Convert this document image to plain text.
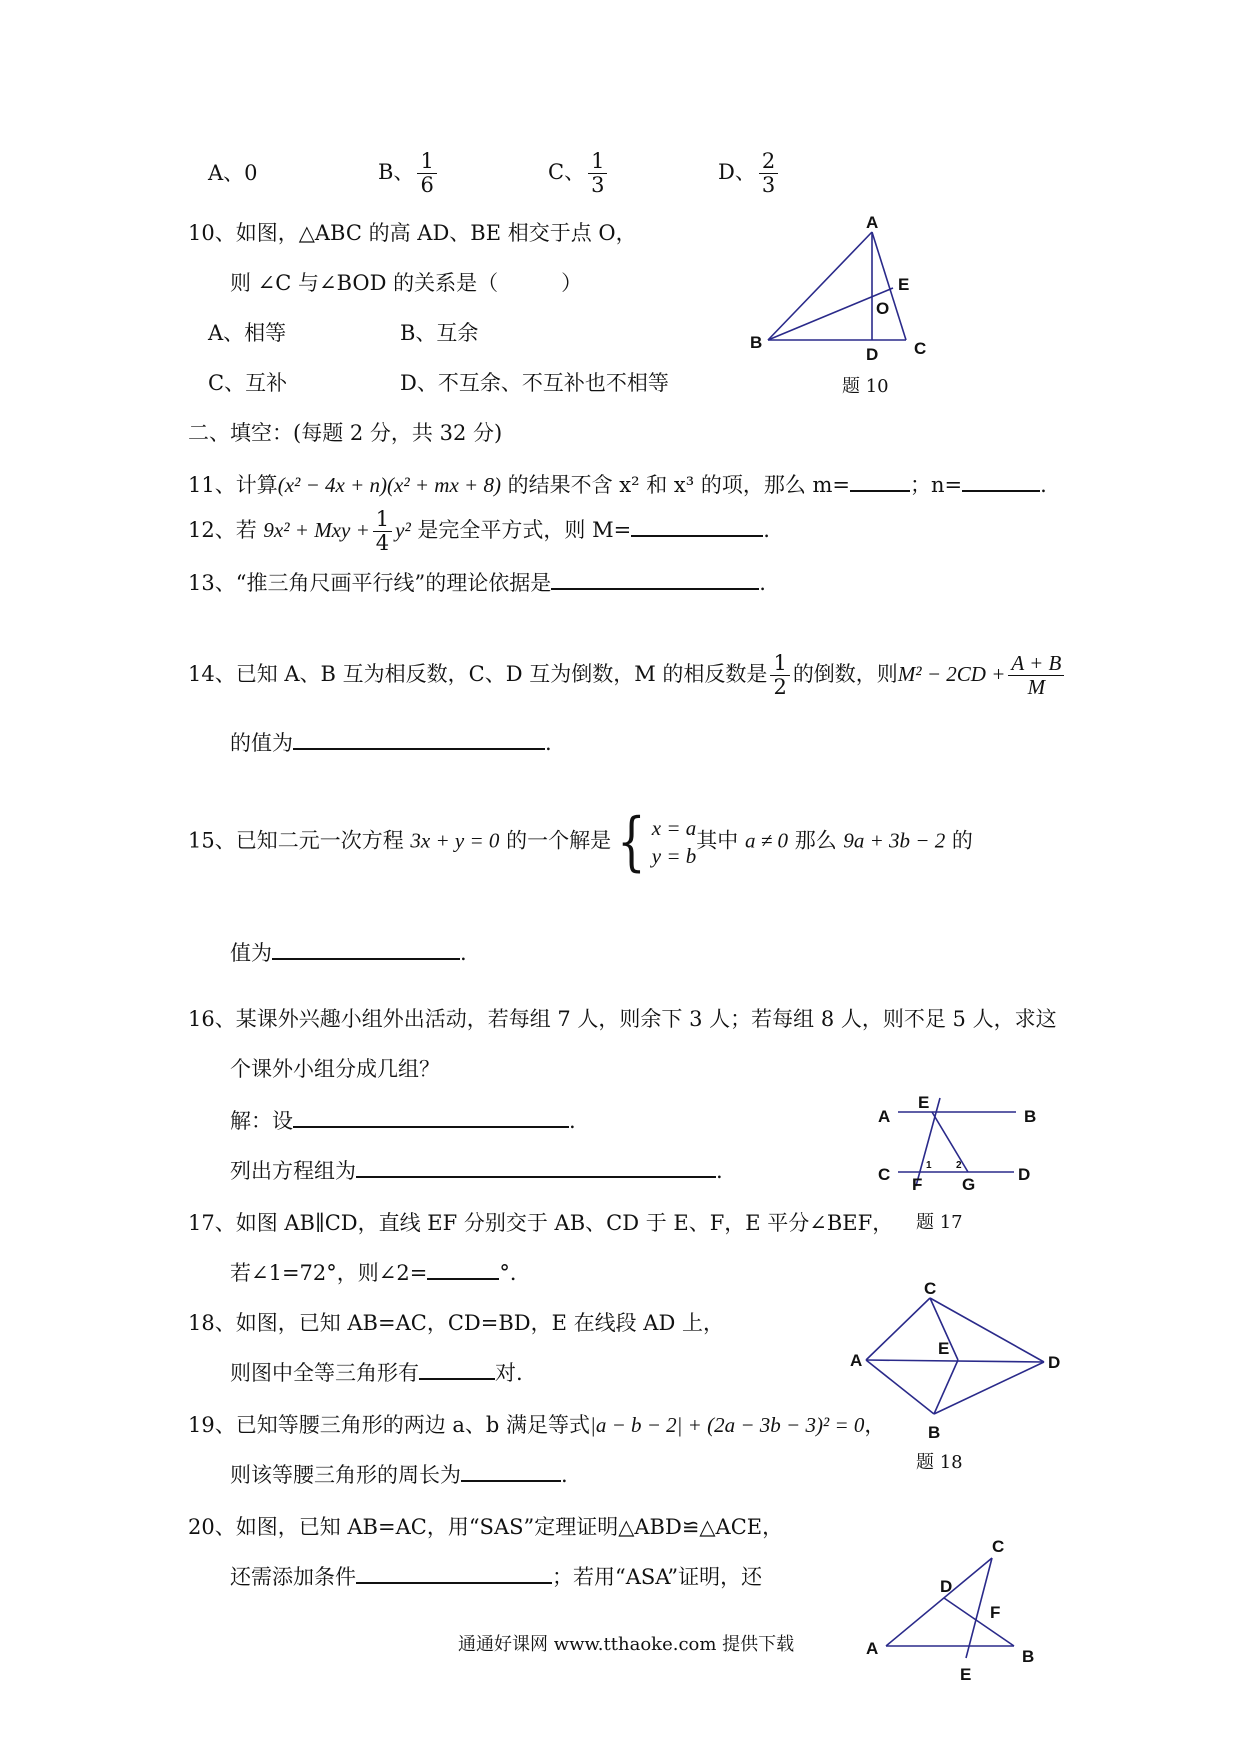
A、0	B、 $\frac{1}{6}$	C、 $\frac{1}{3}$	D、 $\frac{2}{3}$
10、如图，△ABC 的高 AD、BE 相交于点 O，
则 ∠C 与∠BOD 的关系是（　　　）
A、相等	B、互余
C、互补	D、不互余、不互补也不相等
A
B	C
D
E
O
题 10
二、填空：(每题 2 分，共 32 分)
11、计算(x² − 4x + n)(x² + mx + 8) 的结果不含 x² 和 x³ 的项，那么 m=	；n=	.
12、若 9x² + Mxy + $\frac{1}{4} y^2$ 是完全平方式，则 M=	.
13、“推三角尺画平行线”的理论依据是	.
14、已知 A、B 互为相反数，C、D 互为倒数，M 的相反数是 $\frac{1}{2}$ 的倒数，则$M^2 - 2CD + \frac{A + B}{M}$
的值为	.
15、已知二元一次方程 3x + y = 0 的一个解是 { x = a
y = b
其中 a ≠ 0 那么 9a + 3b − 2 的
值为	.
16、某课外兴趣小组外出活动，若每组 7 人，则余下 3 人；若每组 8 人，则不足 5 人，求这
个课外小组分成几组？
解：设	.
列出方程组为	.
A	B
C	D
E
F G
1 2
题 17
17、如图 AB∥CD，直线 EF 分别交于 AB、CD 于 E、F，E 平分∠BEF，
若∠1=72°，则∠2=	°．
A
B
C
D
E
题 18
18、如图，已知 AB=AC，CD=BD，E 在线段 AD 上，
则图中全等三角形有	对.
19、已知等腰三角形的两边 a、b 满足等式|a − b − 2| + (2a − 3b − 3)² = 0，
则该等腰三角形的周长为	.
20、如图，已知 AB=AC，用“SAS”定理证明△ABD≌△ACE，
还需添加条件	；若用“ASA”证明，还
A	B
C
D
E
F
通通好课网 www.tthaoke.com 提供下载
